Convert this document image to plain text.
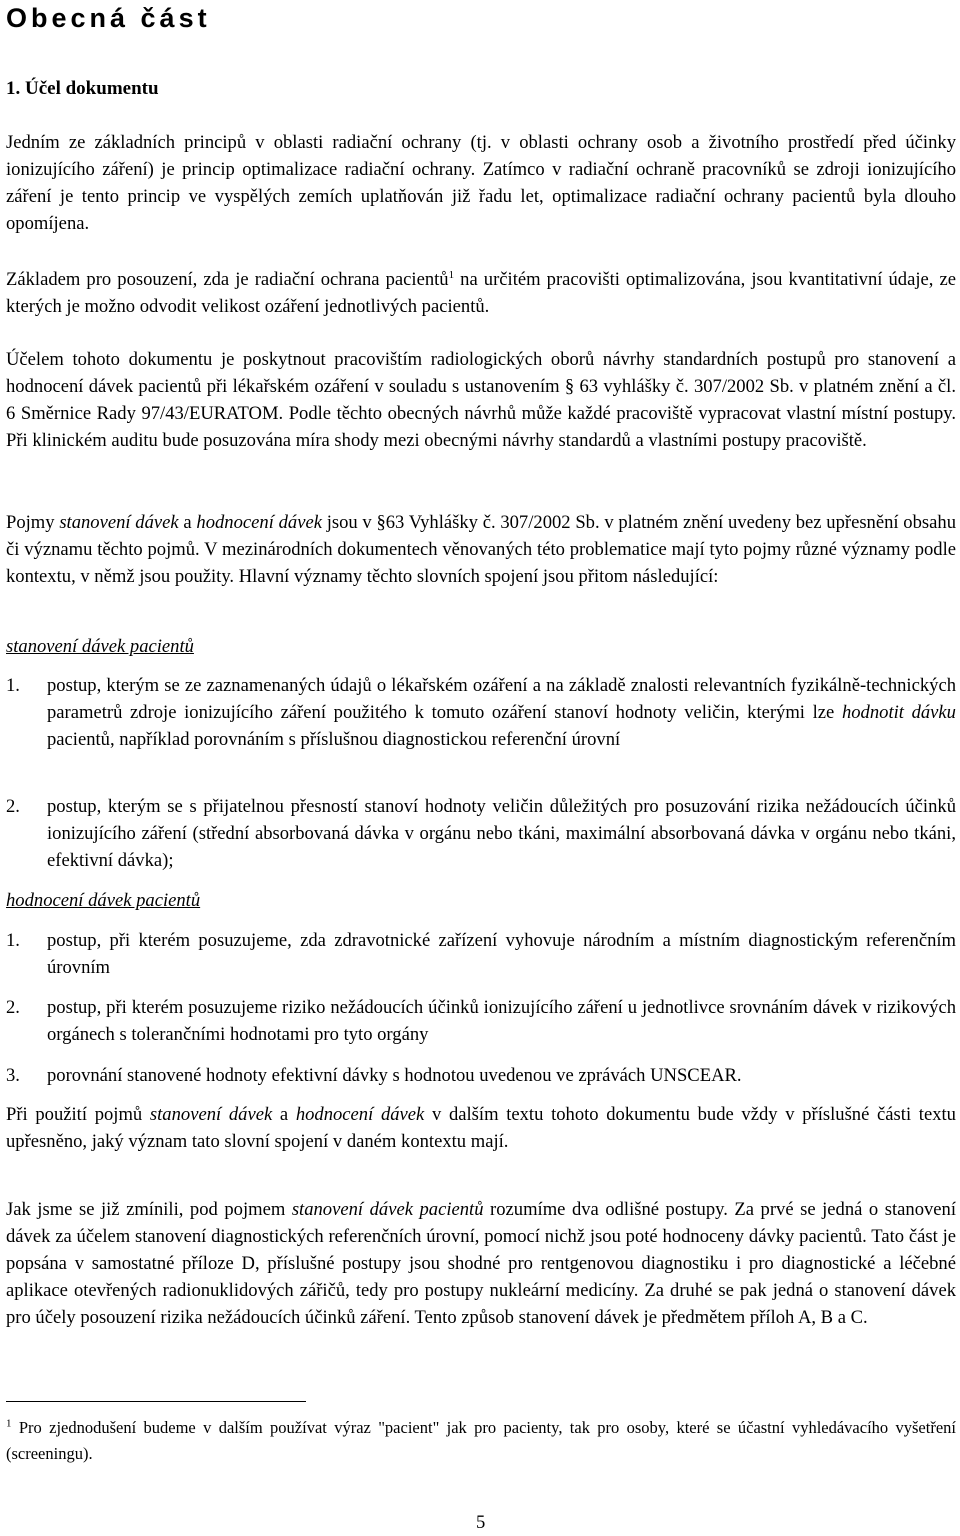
Obecná část
1. Účel dokumentu

Jedním ze základních principů v oblasti radiační ochrany (tj. v oblasti ochrany osob a životního prostředí před účinky ionizujícího záření) je princip optimalizace radiační ochrany. Zatímco v radiační ochraně pracovníků se zdroji ionizujícího záření je tento princip ve vyspělých zemích uplatňován již řadu let, optimalizace radiační ochrany pacientů byla dlouho opomíjena.

Základem pro posouzení, zda je radiační ochrana pacientů$^1$ na určitém pracovišti optimalizována, jsou kvantitativní údaje, ze kterých je možno odvodit velikost ozáření jednotlivých pacientů.

Účelem tohoto dokumentu je poskytnout pracovištím radiologických oborů návrhy standardních postupů pro stanovení a hodnocení dávek pacientů při lékařském ozáření v souladu s ustanovením § 63 vyhlášky č. 307/2002 Sb. v platném znění a čl. 6 Směrnice Rady 97/43/EURATOM. Podle těchto obecných návrhů může každé pracoviště vypracovat vlastní místní postupy. Při klinickém auditu bude posuzována míra shody mezi obecnými návrhy standardů a vlastními postupy pracoviště.

Pojmy stanovení dávek a hodnocení dávek jsou v §63 Vyhlášky č. 307/2002 Sb. v platném znění uvedeny bez upřesnění obsahu či významu těchto pojmů. V mezinárodních dokumentech věnovaných této problematice mají tyto pojmy různé významy podle kontextu, v němž jsou použity. Hlavní významy těchto slovních spojení jsou přitom následující:

stanovení dávek pacientů
1. postup, kterým se ze zaznamenaných údajů o lékařském ozáření a na základě znalosti relevantních fyzikálně-technických parametrů zdroje ionizujícího záření použitého k tomuto ozáření stanoví hodnoty veličin, kterými lze hodnotit dávku pacientů, například porovnáním s příslušnou diagnostickou referenční úrovní
2. postup, kterým se s přijatelnou přesností stanoví hodnoty veličin důležitých pro posuzování rizika nežádoucích účinků ionizujícího záření (střední absorbovaná dávka v orgánu nebo tkáni, maximální absorbovaná dávka v orgánu nebo tkáni, efektivní dávka);
hodnocení dávek pacientů
1. postup, při kterém posuzujeme, zda zdravotnické zařízení vyhovuje národním a místním diagnostickým referenčním úrovním
2. postup, při kterém posuzujeme riziko nežádoucích účinků ionizujícího záření u jednotlivce srovnáním dávek v rizikových orgánech s tolerančními hodnotami pro tyto orgány
3. porovnání stanovené hodnoty efektivní dávky s hodnotou uvedenou ve zprávách UNSCEAR.

Při použití pojmů stanovení dávek a hodnocení dávek v dalším textu tohoto dokumentu bude vždy v příslušné části textu upřesněno, jaký význam tato slovní spojení v daném kontextu mají.

Jak jsme se již zmínili, pod pojmem stanovení dávek pacientů rozumíme dva odlišné postupy. Za prvé se jedná o stanovení dávek za účelem stanovení diagnostických referenčních úrovní, pomocí nichž jsou poté hodnoceny dávky pacientů. Tato část je popsána v samostatné příloze D, příslušné postupy jsou shodné pro rentgenovou diagnostiku i pro diagnostické a léčebné aplikace otevřených radionuklidových zářičů, tedy pro postupy nukleární medicíny. Za druhé se pak jedná o stanovení dávek pro účely posouzení rizika nežádoucích účinků záření. Tento způsob stanovení dávek je předmětem příloh A, B a C.

$^1$ Pro zjednodušení budeme v dalším používat výraz "pacient" jak pro pacienty, tak pro osoby, které se účastní vyhledávacího vyšetření (screeningu).

5
